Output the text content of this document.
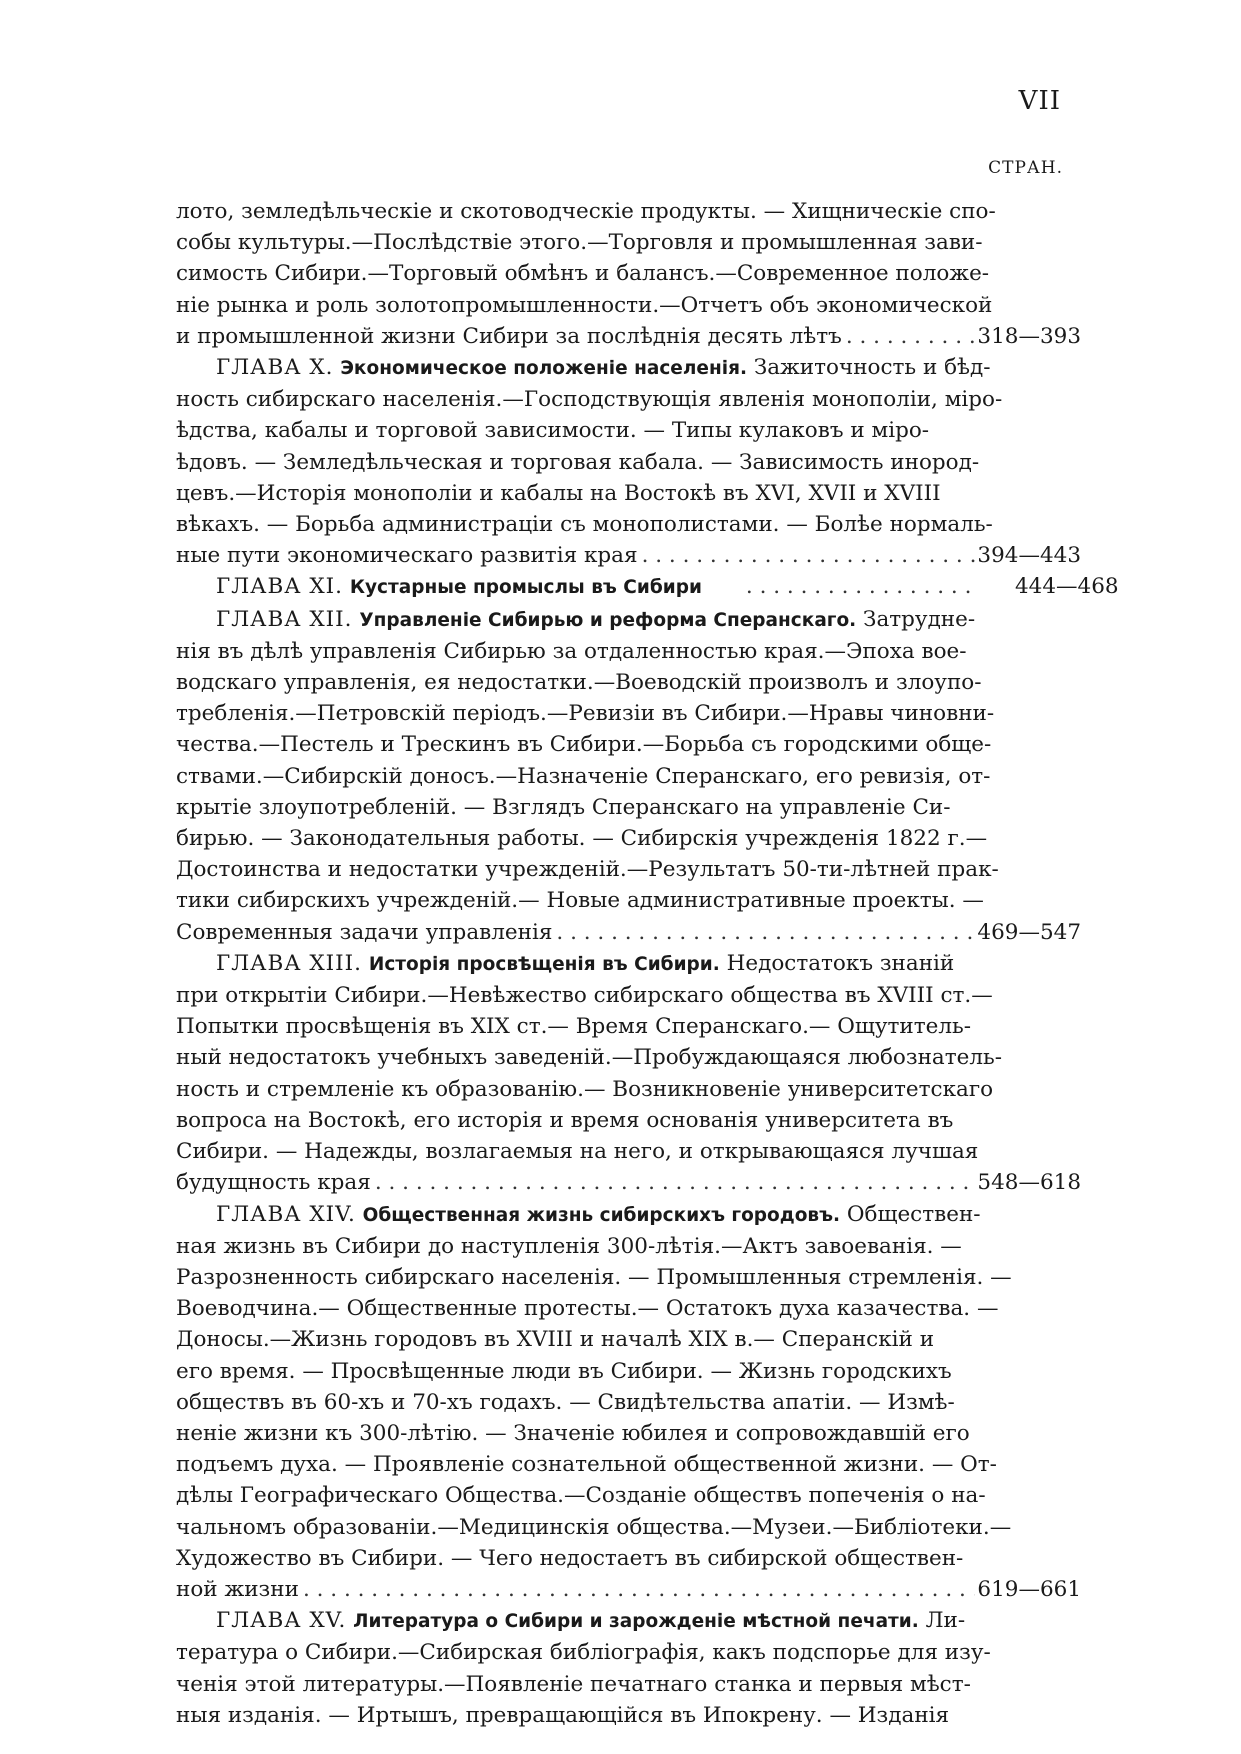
VII
СТРАН.
лото, земледѣльческіе и скотоводческіе продукты. — Хищническіе спо-
собы культуры.—Послѣдствіе этого.—Торговля и промышленная зави-
симость Сибири.—Торговый обмѣнъ и балансъ.—Современное положе-
ніе рынка и роль золотопромышленности.—Отчетъ объ экономической
и промышленной жизни Сибири за послѣднія десять лѣтъ . . .	318—393
ГЛАВА X. Экономическое положеніе населенія. Зажиточность и бѣд-
ность сибирскаго населенія.—Господствующія явленія монополіи, міро-
ѣдства, кабалы и торговой зависимости. — Типы кулаковъ и міро-
ѣдовъ. — Земледѣльческая и торговая кабала. — Зависимость инород-
цевъ.—Исторія монополіи и кабалы на Востокѣ въ XVI, XVII и XVIII
вѣкахъ. — Борьба администраціи съ монополистами. — Болѣе нормаль-
ные пути экономическаго развитія края . . .	394—443
ГЛАВА XI. Кустарные промыслы въ Сибири . . .	444—468
ГЛАВА XII. Управленіе Сибирью и реформа Сперанскаго. Затрудне-
нія въ дѣлѣ управленія Сибирью за отдаленностью края.—Эпоха вое-
водскаго управленія, ея недостатки.—Воеводскій произволъ и злоупо-
требленія.—Петровскій періодъ.—Ревизіи въ Сибири.—Нравы чиновни-
чества.—Пестель и Трескинъ въ Сибири.—Борьба съ городскими обще-
ствами.—Сибирскій доносъ.—Назначеніе Сперанскаго, его ревизія, от-
крытіе злоупотребленій. — Взглядъ Сперанскаго на управленіе Си-
бирью. — Законодательныя работы. — Сибирскія учрежденія 1822 г.—
Достоинства и недостатки учрежденій.—Результатъ 50-ти-лѣтней прак-
тики сибирскихъ учрежденій.— Новые административные проекты. —
Современныя задачи управленія . . .	469—547
ГЛАВА XIII. Исторія просвѣщенія въ Сибири. Недостатокъ знаній
при открытіи Сибири.—Невѣжество сибирскаго общества въ XVIII ст.—
Попытки просвѣщенія въ XIX ст.— Время Сперанскаго.— Ощутитель-
ный недостатокъ учебныхъ заведеній.—Пробуждающаяся любознатель-
ность и стремленіе къ образованію.— Возникновеніе университетскаго
вопроса на Востокѣ, его исторія и время основанія университета въ
Сибири. — Надежды, возлагаемыя на него, и открывающаяся лучшая
будущность края . . .	548—618
ГЛАВА XIV. Общественная жизнь сибирскихъ городовъ. Обществен-
ная жизнь въ Сибири до наступленія 300-лѣтія.—Актъ завоеванія. —
Разрозненность сибирскаго населенія. — Промышленныя стремленія. —
Воеводчина.— Общественные протесты.— Остатокъ духа казачества. —
Доносы.—Жизнь городовъ въ XVIII и началѣ XIX в.— Сперанскій и
его время. — Просвѣщенные люди въ Сибири. — Жизнь городскихъ
обществъ въ 60-хъ и 70-хъ годахъ. — Свидѣтельства апатіи. — Измѣ-
неніе жизни къ 300-лѣтію. — Значеніе юбилея и сопровождавшій его
подъемъ духа. — Проявленіе сознательной общественной жизни. — От-
дѣлы Географическаго Общества.—Созданіе обществъ попеченія о на-
чальномъ образованіи.—Медицинскія общества.—Музеи.—Библіотеки.—
Художество въ Сибири. — Чего недостаетъ въ сибирской обществен-
ной жизни . . .	619—661
ГЛАВА XV. Литература о Сибири и зарожденіе мѣстной печати. Ли-
тература о Сибири.—Сибирская библіографія, какъ подспорье для изу-
ченія этой литературы.—Появленіе печатнаго станка и первыя мѣст-
ныя изданія. — Иртышъ, превращающійся въ Ипокрену. — Изданія
